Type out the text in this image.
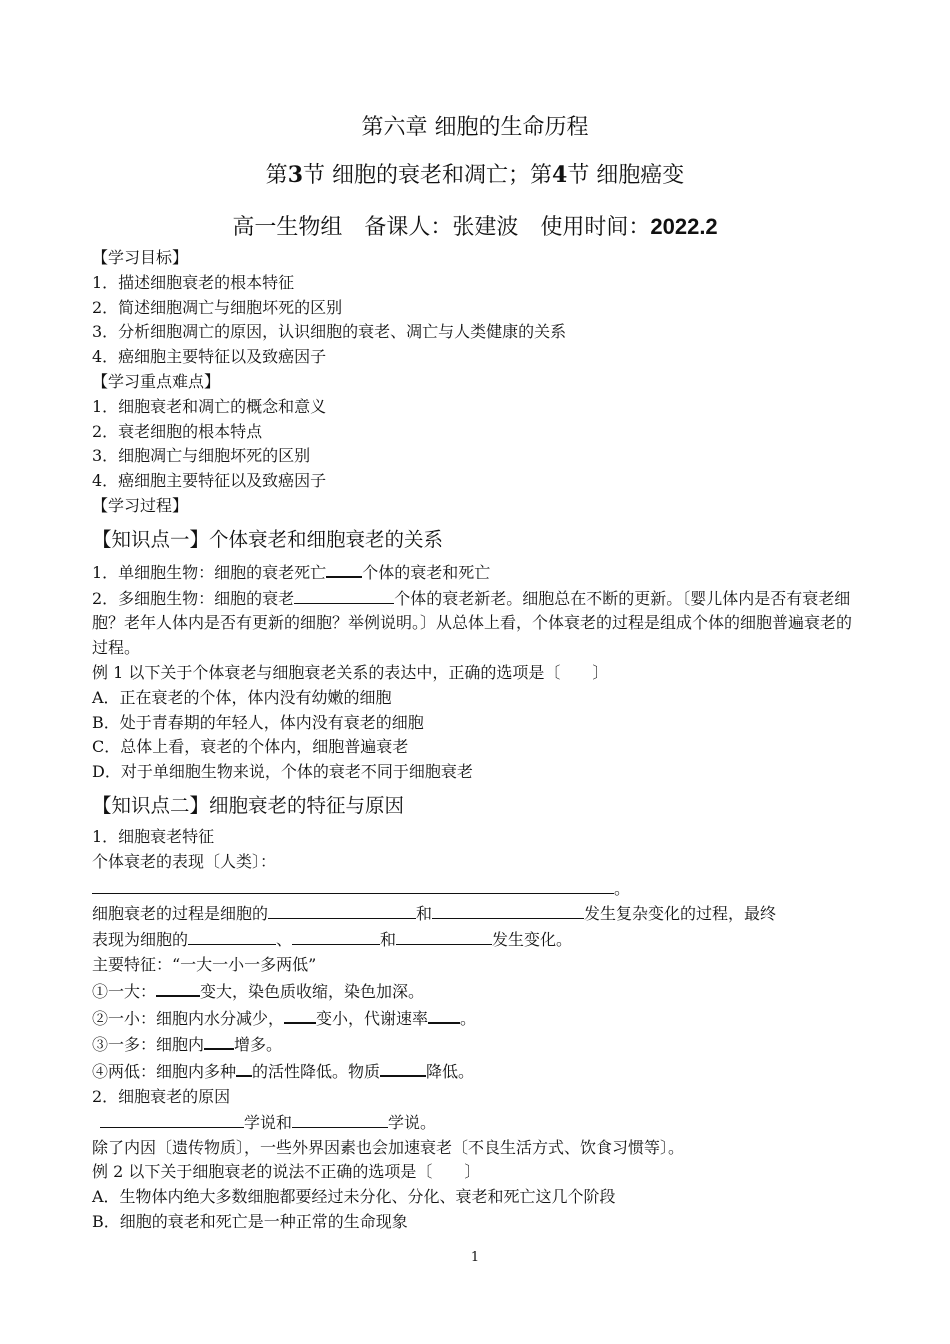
第六章 细胞的生命历程
第3节 细胞的衰老和凋亡；第4节 细胞癌变
高一生物组 备课人：张建波 使用时间：2022.2

【学习目标】

1．描述细胞衰老的根本特征

2．简述细胞凋亡与细胞坏死的区别

3．分析细胞凋亡的原因，认识细胞的衰老、凋亡与人类健康的关系

4．癌细胞主要特征以及致癌因子

【学习重点难点】

1．细胞衰老和凋亡的概念和意义

2．衰老细胞的根本特点

3．细胞凋亡与细胞坏死的区别

4．癌细胞主要特征以及致癌因子

【学习过程】

【知识点一】个体衰老和细胞衰老的关系

1．单细胞生物：细胞的衰老死亡 个体的衰老和死亡

2．多细胞生物：细胞的衰老	个体的衰老新老。细胞总在不断的更新。〔婴儿体内是否有衰老细胞？老年人体内是否有更新的细胞？举例说明。〕从总体上看，个体衰老的过程是组成个体的细胞普遍衰老的过程。

例 1 以下关于个体衰老与细胞衰老关系的表达中，正确的选项是〔　　〕

A．正在衰老的个体，体内没有幼嫩的细胞

B．处于青春期的年轻人，体内没有衰老的细胞

C．总体上看，衰老的个体内，细胞普遍衰老

D．对于单细胞生物来说，个体的衰老不同于细胞衰老

【知识点二】细胞衰老的特征与原因

1．细胞衰老特征

个体衰老的表现〔人类〕：

。

细胞衰老的过程是细胞的	和	发生复杂变化的过程，最终

表现为细胞的	、	和	发生变化。

主要特征：“一大一小一多两低”

①一大：	变大，染色质收缩，染色加深。

②一小：细胞内水分减少， 变小，代谢速率 。

③一多：细胞内 增多。

④两低：细胞内多种 的活性降低。物质	降低。

2．细胞衰老的原因

学说和	学说。

除了内因〔遗传物质〕，一些外界因素也会加速衰老〔不良生活方式、饮食习惯等〕。

例 2 以下关于细胞衰老的说法不正确的选项是〔　　〕

A．生物体内绝大多数细胞都要经过未分化、分化、衰老和死亡这几个阶段

B．细胞的衰老和死亡是一种正常的生命现象

1
